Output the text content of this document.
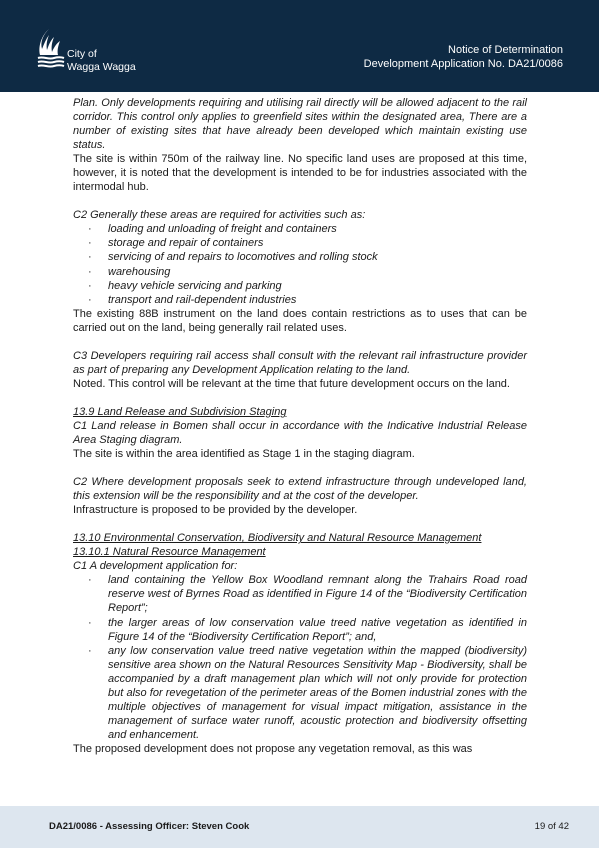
City of
Wagga Wagga
Notice of Determination
Development Application No. DA21/0086

Plan. Only developments requiring and utilising rail directly will be allowed adjacent to the rail corridor. This control only applies to greenfield sites within the designated area, There are a number of existing sites that have already been developed which maintain existing use status.

The site is within 750m of the railway line. No specific land uses are proposed at this time, however, it is noted that the development is intended to be for industries associated with the intermodal hub.

C2 Generally these areas are required for activities such as:

· loading and unloading of freight and containers
· storage and repair of containers
· servicing of and repairs to locomotives and rolling stock
· warehousing
· heavy vehicle servicing and parking
· transport and rail-dependent industries

The existing 88B instrument on the land does contain restrictions as to uses that can be carried out on the land, being generally rail related uses.

C3 Developers requiring rail access shall consult with the relevant rail infrastructure provider as part of preparing any Development Application relating to the land.

Noted. This control will be relevant at the time that future development occurs on the land.

13.9 Land Release and Subdivision Staging

C1 Land release in Bomen shall occur in accordance with the Indicative Industrial Release Area Staging diagram.

The site is within the area identified as Stage 1 in the staging diagram.

C2 Where development proposals seek to extend infrastructure through undeveloped land, this extension will be the responsibility and at the cost of the developer.

Infrastructure is proposed to be provided by the developer.

13.10 Environmental Conservation, Biodiversity and Natural Resource Management

13.10.1 Natural Resource Management

C1 A development application for:

· land containing the Yellow Box Woodland remnant along the Trahairs Road road reserve west of Byrnes Road as identified in Figure 14 of the “Biodiversity Certification Report”;
· the larger areas of low conservation value treed native vegetation as identified in Figure 14 of the “Biodiversity Certification Report”; and,
· any low conservation value treed native vegetation within the mapped (biodiversity) sensitive area shown on the Natural Resources Sensitivity Map - Biodiversity, shall be accompanied by a draft management plan which will not only provide for protection but also for revegetation of the perimeter areas of the Bomen industrial zones with the multiple objectives of management for visual impact mitigation, assistance in the management of surface water runoff, acoustic protection and biodiversity offsetting and enhancement.

The proposed development does not propose any vegetation removal, as this was

DA21/0086 - Assessing Officer: Steven Cook	19 of 42
